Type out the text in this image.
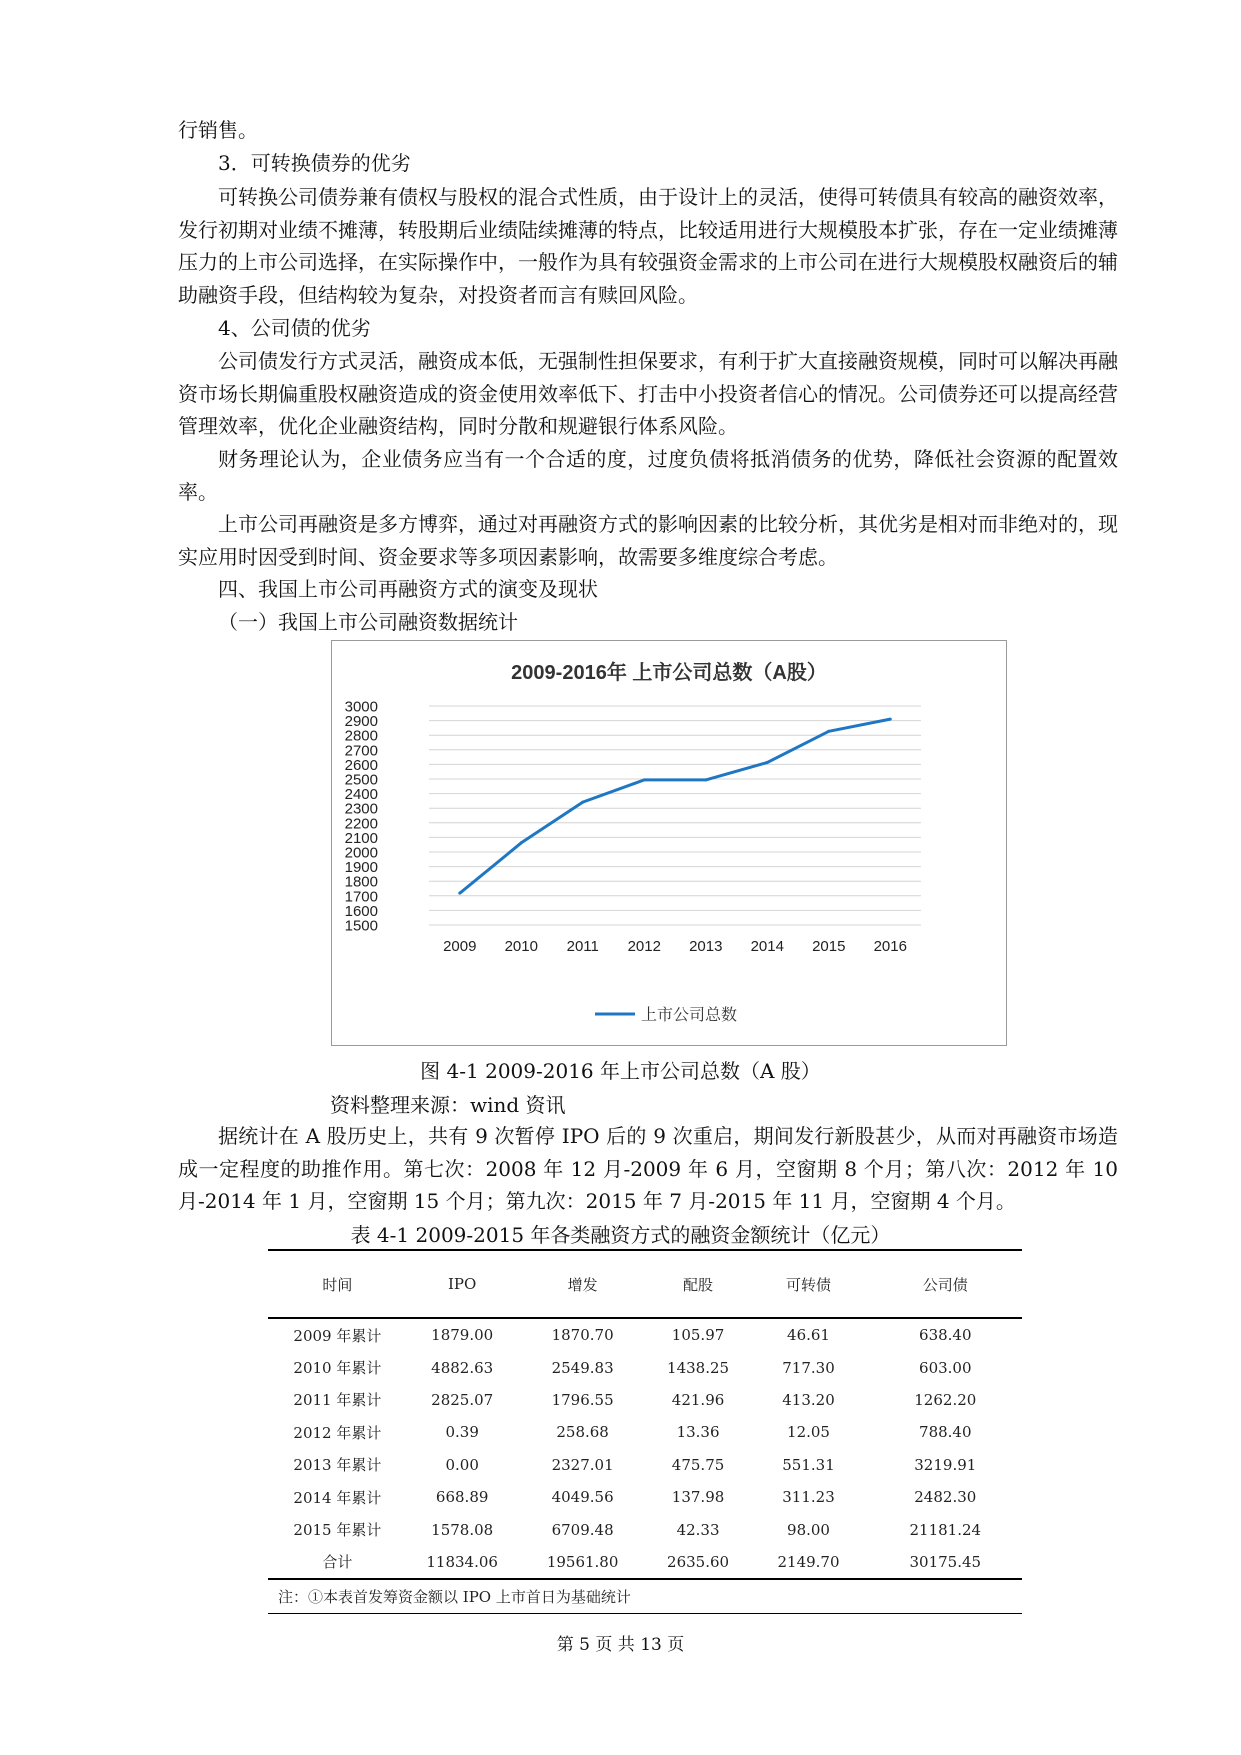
行销售。

3．可转换债券的优劣

可转换公司债券兼有债权与股权的混合式性质，由于设计上的灵活，使得可转债具有较高的融资效率，发行初期对业绩不摊薄，转股期后业绩陆续摊薄的特点，比较适用进行大规模股本扩张，存在一定业绩摊薄压力的上市公司选择，在实际操作中，一般作为具有较强资金需求的上市公司在进行大规模股权融资后的辅助融资手段，但结构较为复杂，对投资者而言有赎回风险。

4、公司债的优劣

公司债发行方式灵活，融资成本低，无强制性担保要求，有利于扩大直接融资规模，同时可以解决再融资市场长期偏重股权融资造成的资金使用效率低下、打击中小投资者信心的情况。公司债券还可以提高经营管理效率，优化企业融资结构，同时分散和规避银行体系风险。

财务理论认为，企业债务应当有一个合适的度，过度负债将抵消债务的优势，降低社会资源的配置效率。

上市公司再融资是多方博弈，通过对再融资方式的影响因素的比较分析，其优劣是相对而非绝对的，现实应用时因受到时间、资金要求等多项因素影响，故需要多维度综合考虑。

四、我国上市公司再融资方式的演变及现状

（一）我国上市公司融资数据统计

2009-2016年 上市公司总数（A股）
1500
1600
1700
1800
1900
2000
2100
2200
2300
2400
2500
2600
2700
2800
2900
3000
2009 2010 2011 2012 2013 2014 2015 2016
上市公司总数
图 4-1 2009-2016 年上市公司总数（A 股）
资料整理来源：wind 资讯

据统计在 A 股历史上，共有 9 次暂停 IPO 后的 9 次重启，期间发行新股甚少，从而对再融资市场造成一定程度的助推作用。第七次：2008 年 12 月-2009 年 6 月，空窗期 8 个月；第八次：2012 年 10 月-2014 年 1 月，空窗期 15 个月；第九次：2015 年 7 月-2015 年 11 月，空窗期 4 个月。

表 4-1 2009-2015 年各类融资方式的融资金额统计（亿元）
时间	IPO	增发	配股	可转债	公司债
2009 年累计	1879.00	1870.70	105.97	46.61	638.40
2010 年累计	4882.63	2549.83	1438.25	717.30	603.00
2011 年累计	2825.07	1796.55	421.96	413.20	1262.20
2012 年累计	0.39	258.68	13.36	12.05	788.40
2013 年累计	0.00	2327.01	475.75	551.31	3219.91
2014 年累计	668.89	4049.56	137.98	311.23	2482.30
2015 年累计	1578.08	6709.48	42.33	98.00	21181.24
合计	11834.06	19561.80	2635.60	2149.70	30175.45
注：①本表首发筹资金额以 IPO 上市首日为基础统计					
第 5 页 共 13 页
